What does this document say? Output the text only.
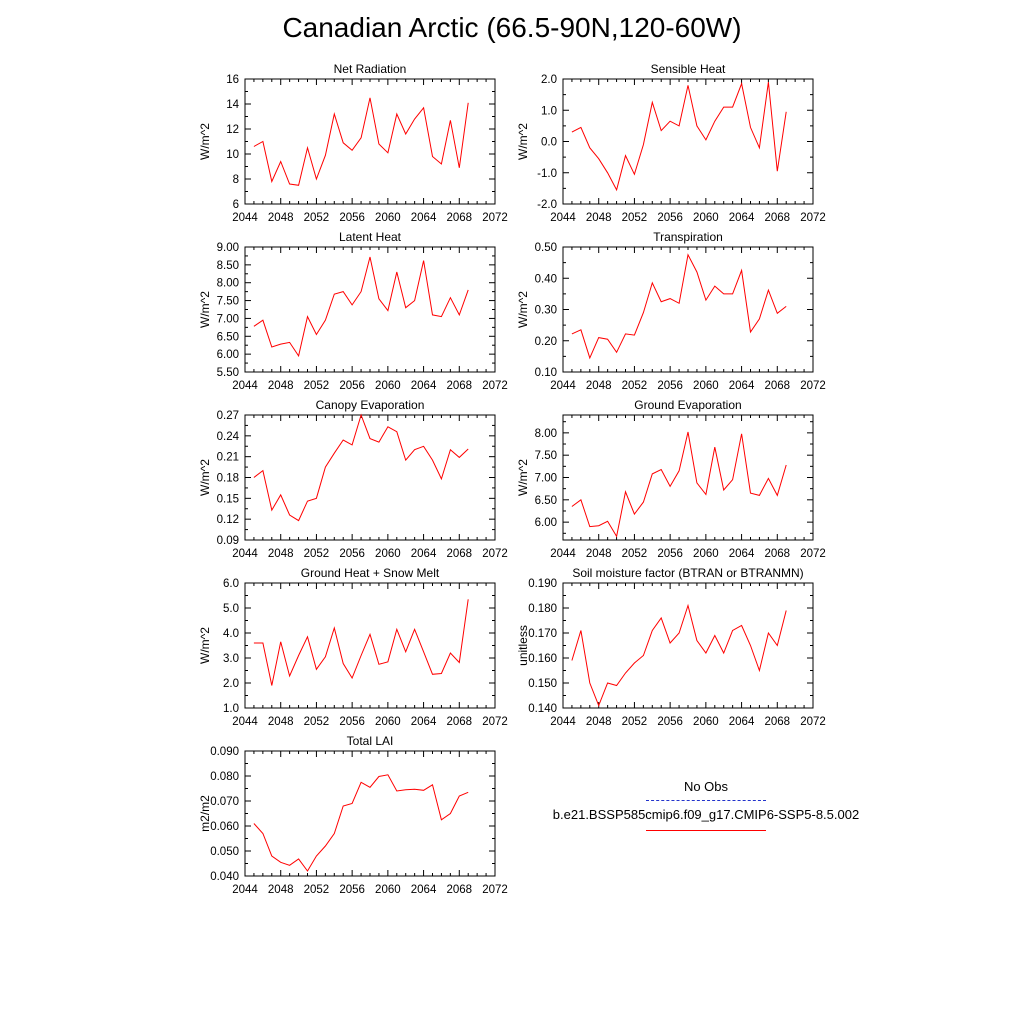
Canadian Arctic (66.5-90N,120-60W)
Net Radiation
2044 2048 2052 2056 2060 2064 2068 2072
6
8
10
12
14
16
W/m^2
Sensible Heat
2044 2048 2052 2056 2060 2064 2068 2072
-2.0
-1.0
0.0
1.0
2.0
W/m^2
Latent Heat
2044 2048 2052 2056 2060 2064 2068 2072
5.50
6.00
6.50
7.00
7.50
8.00
8.50
9.00
W/m^2
Transpiration
2044 2048 2052 2056 2060 2064 2068 2072
0.10
0.20
0.30
0.40
0.50
W/m^2
Canopy Evaporation
2044 2048 2052 2056 2060 2064 2068 2072
0.09
0.12
0.15
0.18
0.21
0.24
0.27
W/m^2
Ground Evaporation
2044 2048 2052 2056 2060 2064 2068 2072
6.00
6.50
7.00
7.50
8.00
W/m^2
Ground Heat + Snow Melt
2044 2048 2052 2056 2060 2064 2068 2072
1.0
2.0
3.0
4.0
5.0
6.0
W/m^2
Soil moisture factor (BTRAN or BTRANMN)
2044 2048 2052 2056 2060 2064 2068 2072
0.140
0.150
0.160
0.170
0.180
0.190
unitless
Total LAI
2044 2048 2052 2056 2060 2064 2068 2072
0.040
0.050
0.060
0.070
0.080
0.090
m2/m2
No Obs
b.e21.BSSP585cmip6.f09_g17.CMIP6-SSP5-8.5.002
